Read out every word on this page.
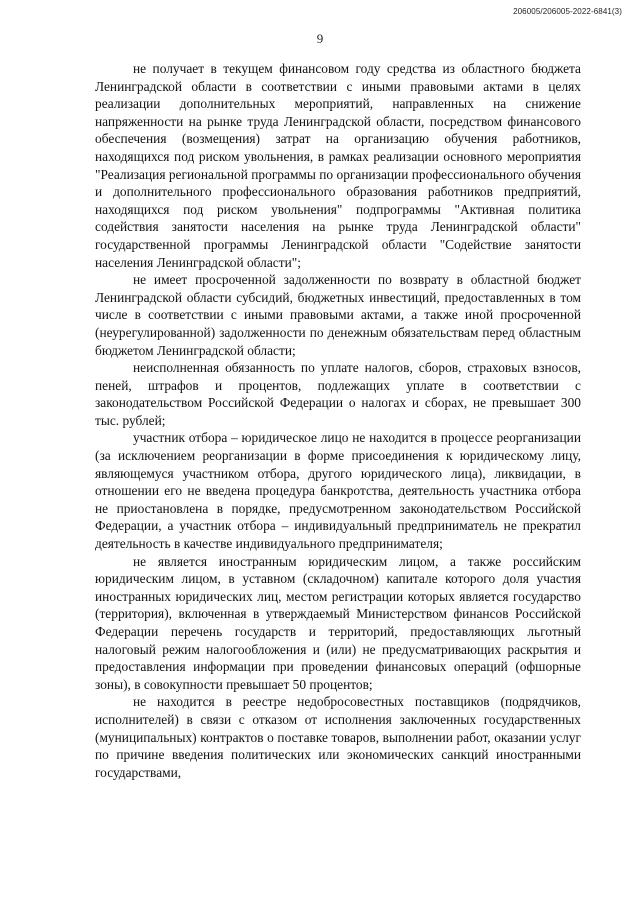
206005/206005-2022-6841(3)
9

не получает в текущем финансовом году средства из областного бюджета Ленинградской области в соответствии с иными правовыми актами в целях реализации дополнительных мероприятий, направленных на снижение напряженности на рынке труда Ленинградской области, посредством финансового обеспечения (возмещения) затрат на организацию обучения работников, находящихся под риском увольнения, в рамках реализации основного мероприятия "Реализация региональной программы по организации профессионального обучения и дополнительного профессионального образования работников предприятий, находящихся под риском увольнения" подпрограммы "Активная политика содействия занятости населения на рынке труда Ленинградской области" государственной программы Ленинградской области "Содействие занятости населения Ленинградской области";

не имеет просроченной задолженности по возврату в областной бюджет Ленинградской области субсидий, бюджетных инвестиций, предоставленных в том числе в соответствии с иными правовыми актами, а также иной просроченной (неурегулированной) задолженности по денежным обязательствам перед областным бюджетом Ленинградской области;

неисполненная обязанность по уплате налогов, сборов, страховых взносов, пеней, штрафов и процентов, подлежащих уплате в соответствии с законодательством Российской Федерации о налогах и сборах, не превышает 300 тыс. рублей;

участник отбора – юридическое лицо не находится в процессе реорганизации (за исключением реорганизации в форме присоединения к юридическому лицу, являющемуся участником отбора, другого юридического лица), ликвидации, в отношении его не введена процедура банкротства, деятельность участника отбора не приостановлена в порядке, предусмотренном законодательством Российской Федерации, а участник отбора – индивидуальный предприниматель не прекратил деятельность в качестве индивидуального предпринимателя;

не является иностранным юридическим лицом, а также российским юридическим лицом, в уставном (складочном) капитале которого доля участия иностранных юридических лиц, местом регистрации которых является государство (территория), включенная в утверждаемый Министерством финансов Российской Федерации перечень государств и территорий, предоставляющих льготный налоговый режим налогообложения и (или) не предусматривающих раскрытия и предоставления информации при проведении финансовых операций (офшорные зоны), в совокупности превышает 50 процентов;

не находится в реестре недобросовестных поставщиков (подрядчиков, исполнителей) в связи с отказом от исполнения заключенных государственных (муниципальных) контрактов о поставке товаров, выполнении работ, оказании услуг по причине введения политических или экономических санкций иностранными государствами,
